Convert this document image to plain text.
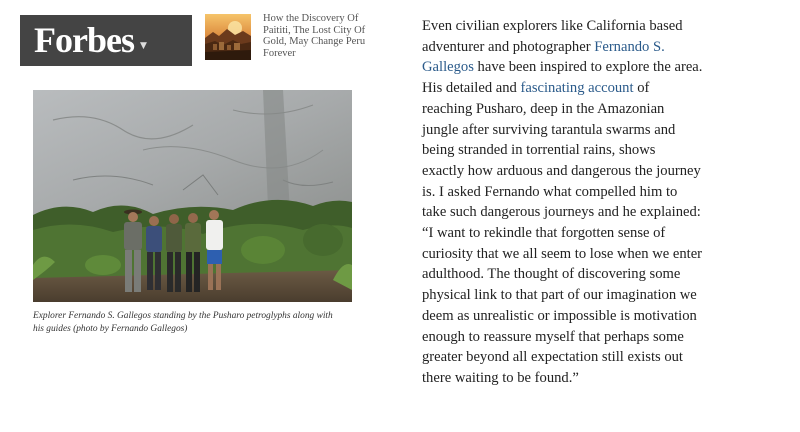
Forbes ▼
How the Discovery Of
Paititi, The Lost City Of
Gold, May Change Peru
Forever

Explorer Fernando S. Gallegos standing by the Pusharo petroglyphs along with
his guides (photo by Fernando Gallegos)

Even civilian explorers like California based
adventurer and photographer Fernando S.
Gallegos have been inspired to explore the area.
His detailed and fascinating account of
reaching Pusharo, deep in the Amazonian
jungle after surviving tarantula swarms and
being stranded in torrential rains, shows
exactly how arduous and dangerous the journey
is. I asked Fernando what compelled him to
take such dangerous journeys and he explained:
“I want to rekindle that forgotten sense of
curiosity that we all seem to lose when we enter
adulthood. The thought of discovering some
physical link to that part of our imagination we
deem as unrealistic or impossible is motivation
enough to reassure myself that perhaps some
greater beyond all expectation still exists out
there waiting to be found.”
